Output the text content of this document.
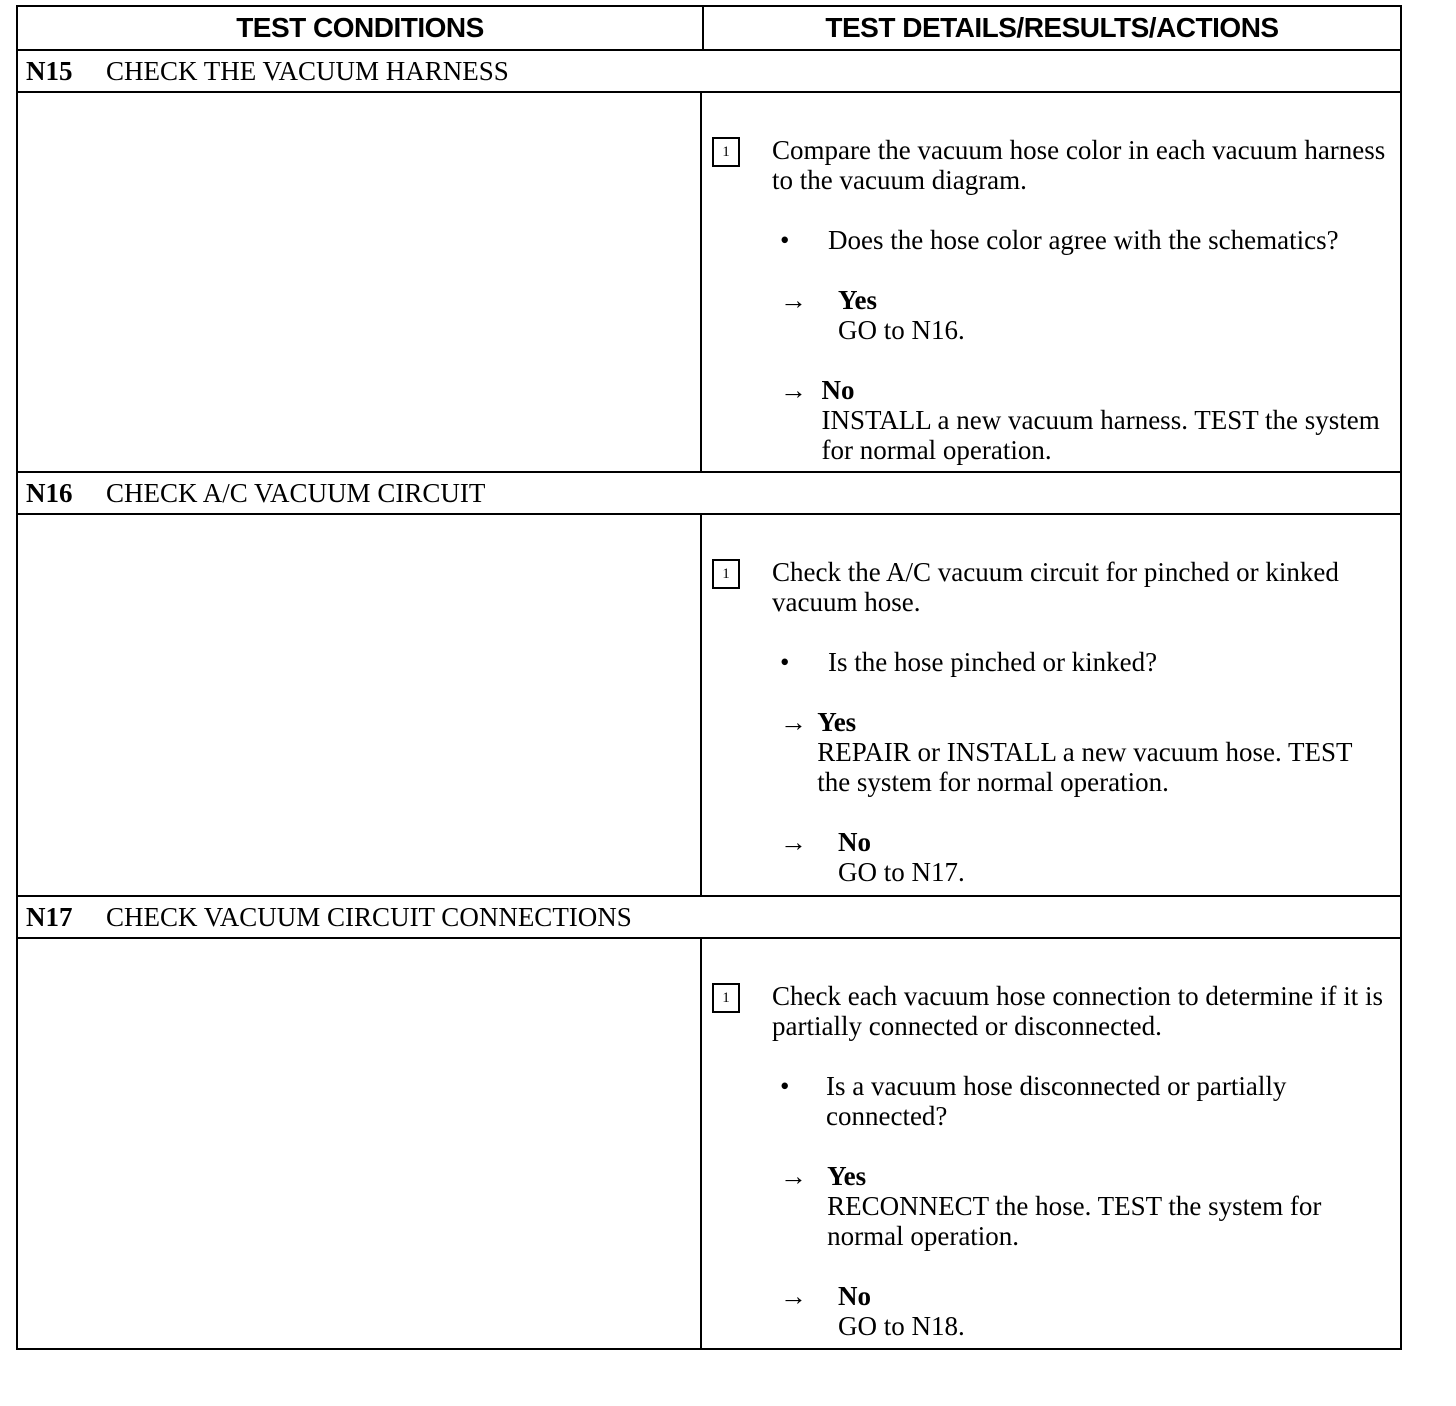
TEST CONDITIONS	TEST DETAILS/RESULTS/ACTIONS
N15	CHECK THE VACUUM HARNESS
1	Compare the vacuum hose color in each vacuum harness to the vacuum diagram.
•	Does the hose color agree with the schematics?
→	Yes
GO to N16.
→ No
INSTALL a new vacuum harness. TEST the system for normal operation.
N16	CHECK A/C VACUUM CIRCUIT
1	Check the A/C vacuum circuit for pinched or kinked vacuum hose.
•	Is the hose pinched or kinked?
→ Yes
REPAIR or INSTALL a new vacuum hose. TEST the system for normal operation.
→	No
GO to N17.
N17	CHECK VACUUM CIRCUIT CONNECTIONS
1	Check each vacuum hose connection to determine if it is partially connected or disconnected.
•	Is a vacuum hose disconnected or partially connected?
→ Yes
RECONNECT the hose. TEST the system for normal operation.
→	No
GO to N18.
